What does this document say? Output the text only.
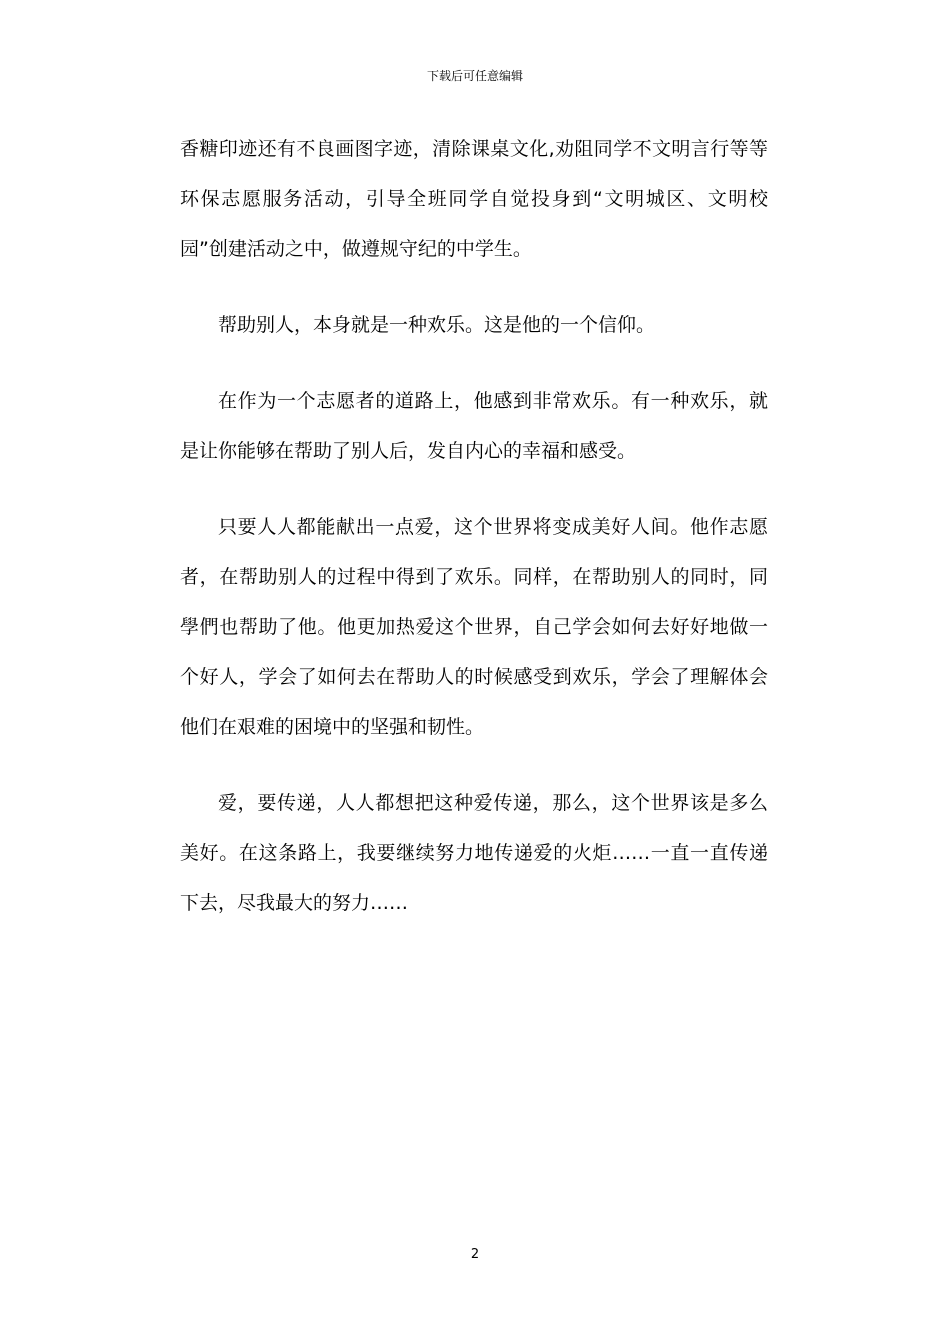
下载后可任意编辑

香糖印迹还有不良画图字迹，清除课桌文化,劝阻同学不文明言行等等环保志愿服务活动，引导全班同学自觉投身到“文明城区、文明校园”创建活动之中，做遵规守纪的中学生。

帮助别人，本身就是一种欢乐。这是他的一个信仰。

在作为一个志愿者的道路上，他感到非常欢乐。有一种欢乐，就是让你能够在帮助了别人后，发自内心的幸福和感受。

只要人人都能献出一点爱，这个世界将变成美好人间。他作志愿者，在帮助别人的过程中得到了欢乐。同样，在帮助别人的同时，同學們也帮助了他。他更加热爱这个世界，自己学会如何去好好地做一个好人，学会了如何去在帮助人的时候感受到欢乐，学会了理解体会他们在艰难的困境中的坚强和韧性。

爱，要传递，人人都想把这种爱传递，那么，这个世界该是多么美好。在这条路上，我要继续努力地传递爱的火炬……一直一直传递下去，尽我最大的努力……

2
